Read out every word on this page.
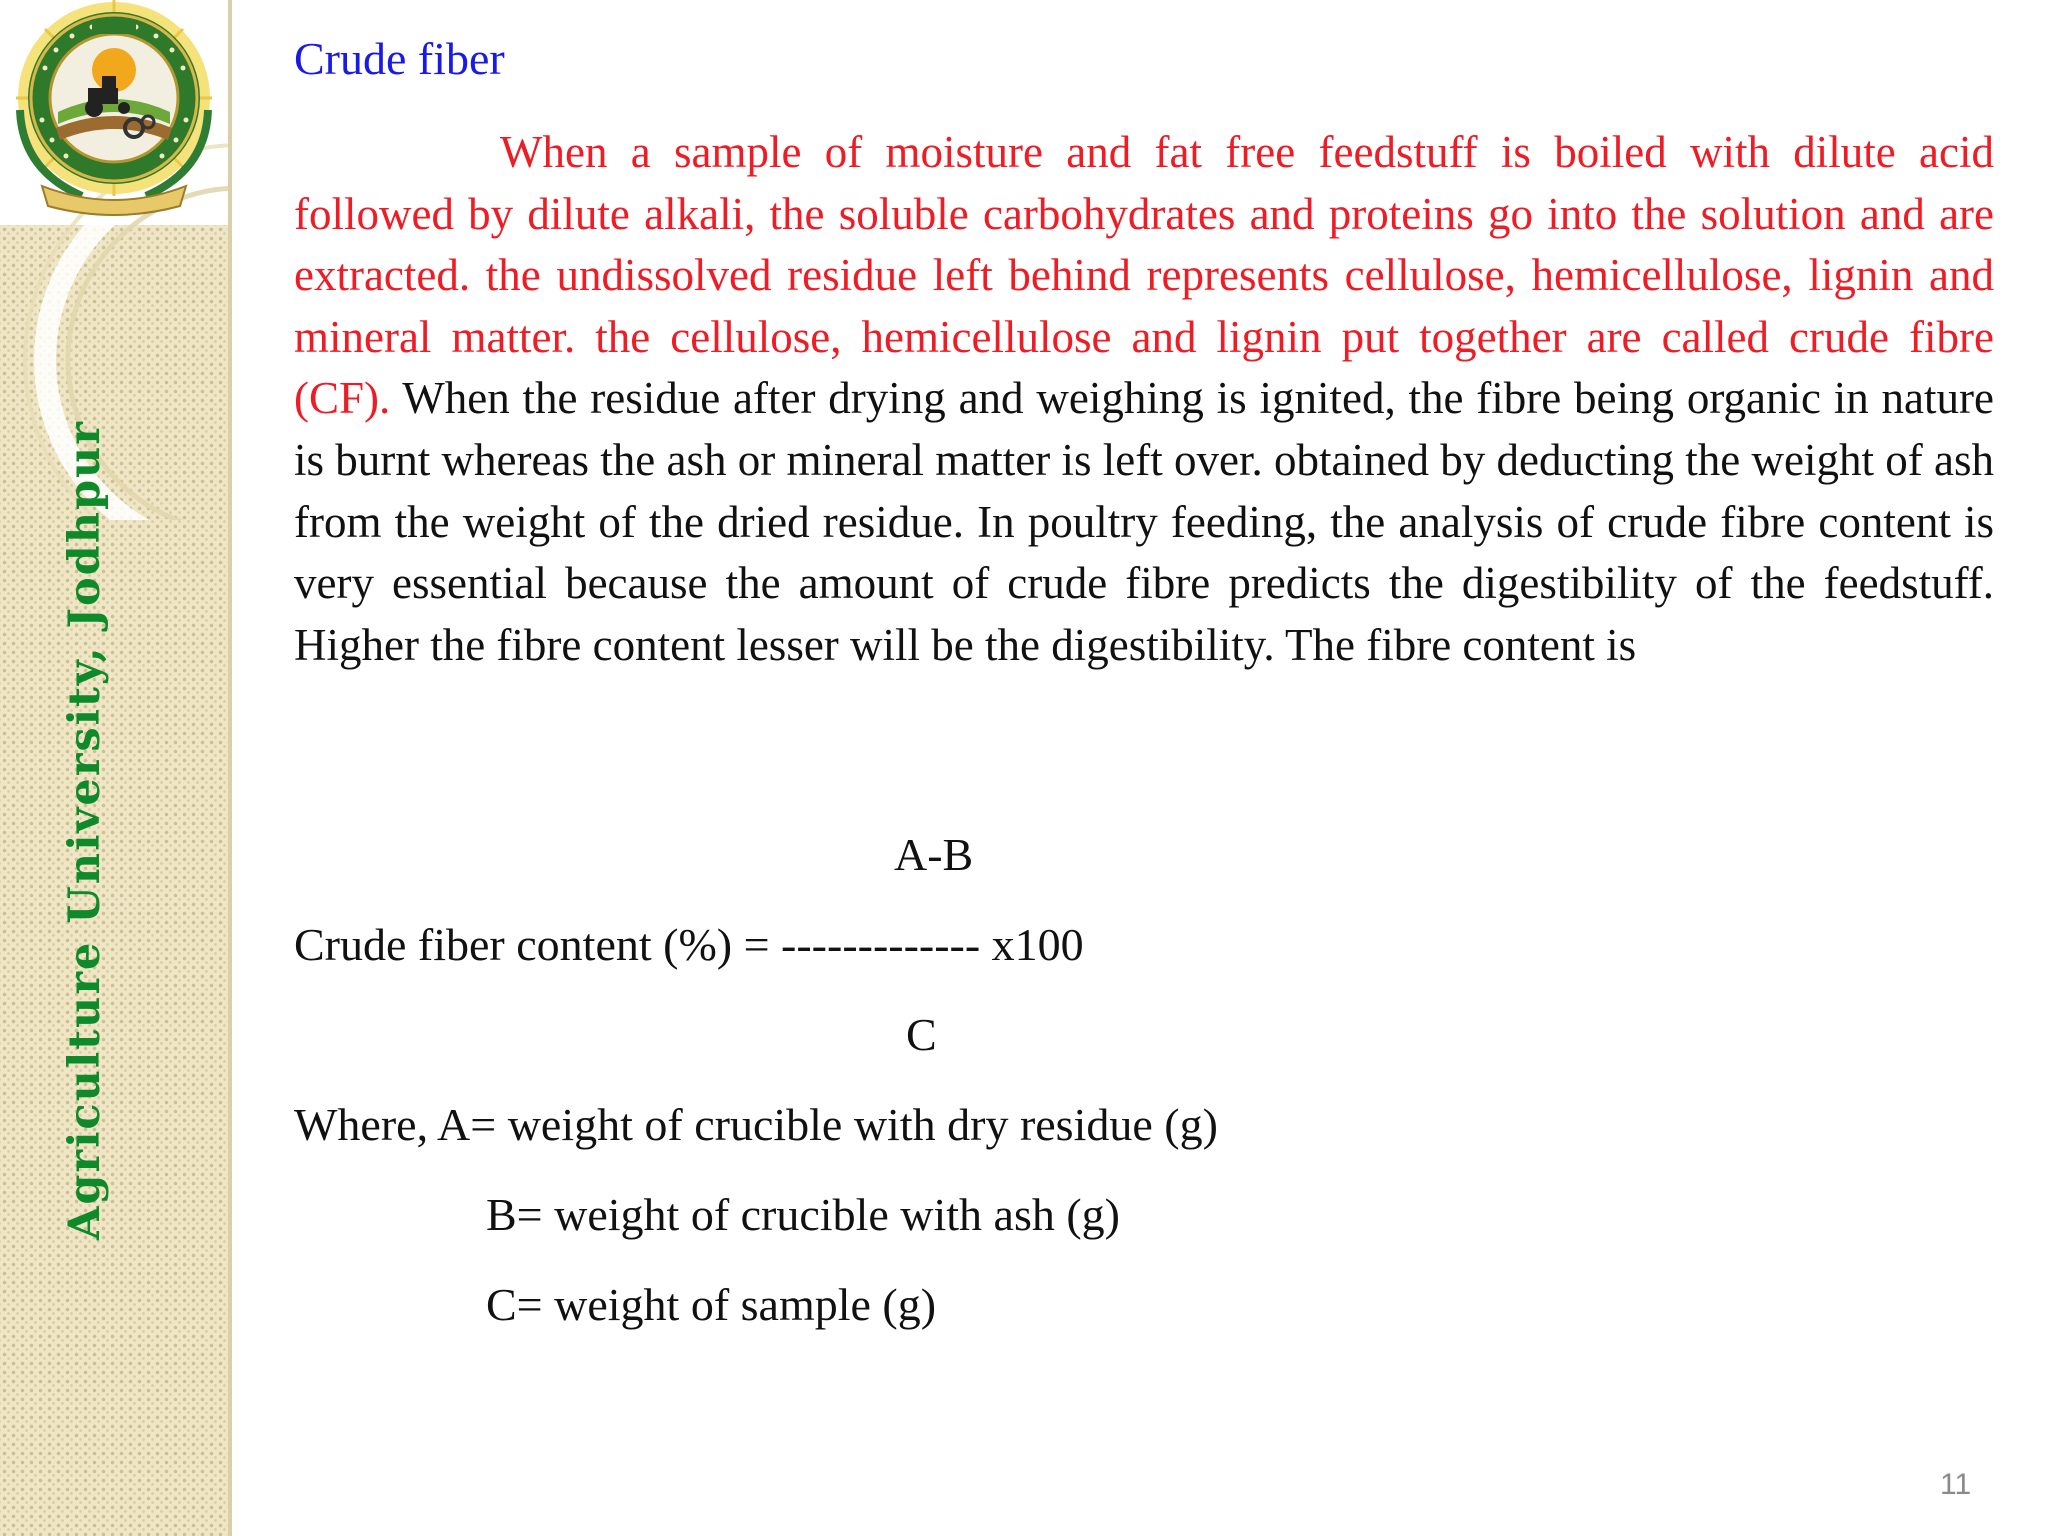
Agriculture University, Jodhpur
Crude fiber

When a sample of moisture and fat free feedstuff is boiled with dilute acid followed by dilute alkali, the soluble carbohydrates and proteins go into the solution and are extracted. the undissolved residue left behind represents cellulose, hemicellulose, lignin and mineral matter. the cellulose, hemicellulose and lignin put together are called crude fibre (CF). When the residue after drying and weighing is ignited, the fibre being organic in nature is burnt whereas the ash or mineral matter is left over. obtained by deducting the weight of ash from the weight of the dried residue. In poultry feeding, the analysis of crude fibre content is very essential because the amount of crude fibre predicts the digestibility of the feedstuff. Higher the fibre content lesser will be the digestibility. The fibre content is

A-B
Crude fiber content (%) = ------------- x100
C
Where, A= weight of crucible with dry residue (g)
B= weight of crucible with ash (g)
C= weight of sample (g)
11
